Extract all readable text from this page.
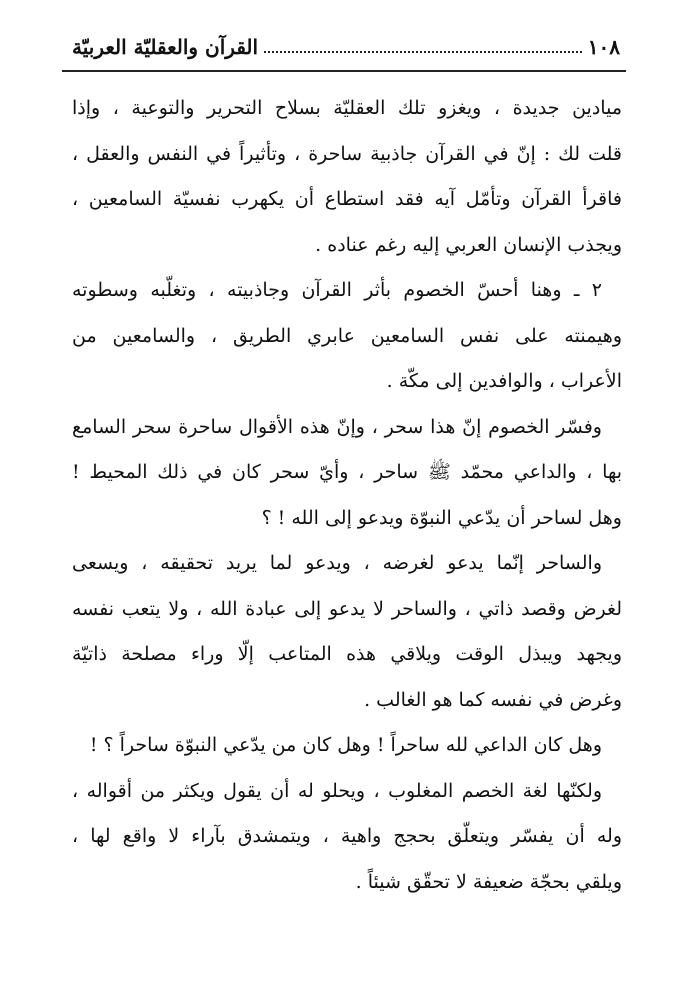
١٠٨
القرآن والعقليّة العربيّة
ميادين جديدة ، ويغزو تلك العقليّة بسلاح التحرير والتوعية ، وإذا
قلت لك : إنّ في القرآن جاذبية ساحرة ، وتأثيراً في النفس والعقل ،
فاقرأ القرآن وتأمّل آيه فقد استطاع أن يكهرب نفسيّة السامعين ،
ويجذب الإنسان العربي إليه رغم عناده .
٢ ـ وهنا أحسّ الخصوم بأثر القرآن وجاذبيته ، وتغلّبه وسطوته
وهيمنته على نفس السامعين عابري الطريق ، والسامعين من
الأعراب ، والوافدين إلى مكّة .
وفسّر الخصوم إنّ هذا سحر ، وإنّ هذه الأقوال ساحرة سحر السامع
بها ، والداعي محمّد ﷺ ساحر ، وأيّ سحر كان في ذلك المحيط !
وهل لساحر أن يدّعي النبوّة ويدعو إلى الله ! ؟
والساحر إنّما يدعو لغرضه ، ويدعو لما يريد تحقيقه ، ويسعى
لغرض وقصد ذاتي ، والساحر لا يدعو إلى عبادة الله ، ولا يتعب نفسه
ويجهد ويبذل الوقت ويلاقي هذه المتاعب إلّا وراء مصلحة ذاتيّة
وغرض في نفسه كما هو الغالب .
وهل كان الداعي لله ساحراً ! وهل كان من يدّعي النبوّة ساحراً ؟ !
ولكنّها لغة الخصم المغلوب ، ويحلو له أن يقول ويكثر من أقواله ،
وله أن يفسّر ويتعلّق بحجج واهية ، ويتمشدق بآراء لا واقع لها ،
ويلقي بحجّة ضعيفة لا تحقّق شيئاً .
